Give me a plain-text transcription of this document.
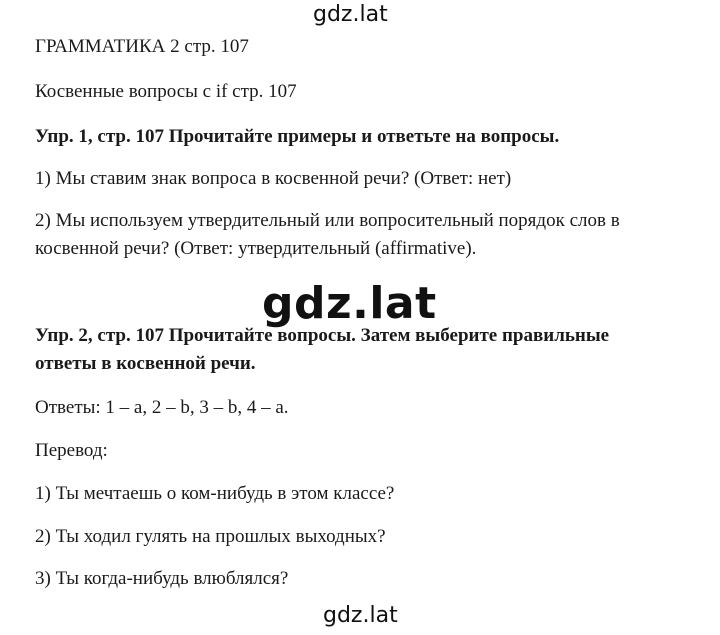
gdz.lat
ГРАММАТИКА 2 стр. 107
Косвенные вопросы с if стр. 107
Упр. 1, стр. 107 Прочитайте примеры и ответьте на вопросы.
1) Мы ставим знак вопроса в косвенной речи? (Ответ: нет)
2) Мы используем утвердительный или вопросительный порядок слов в
косвенной речи? (Ответ: утвердительный (affirmative).
gdz.lat
Упр. 2, стр. 107 Прочитайте вопросы. Затем выберите правильные
ответы в косвенной речи.
Ответы: 1 – a, 2 – b, 3 – b, 4 – a.
Перевод:
1) Ты мечтаешь о ком-нибудь в этом классе?
2) Ты ходил гулять на прошлых выходных?
3) Ты когда-нибудь влюблялся?
gdz.lat
